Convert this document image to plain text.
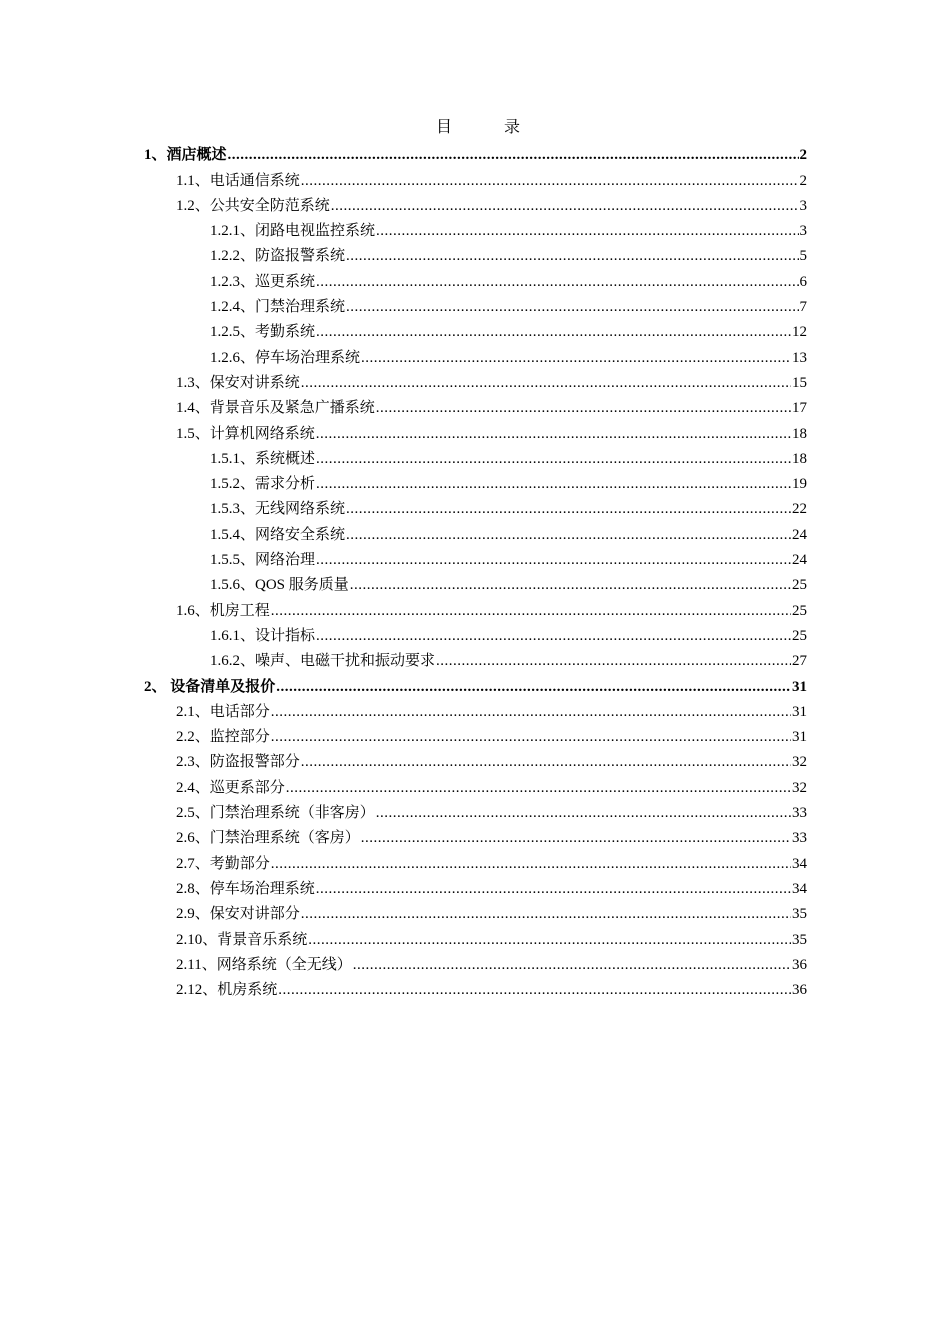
目　录
1、酒店概述 .....	2
1.1、电话通信系统 .....	2
1.2、公共安全防范系统 .....	3
1.2.1、闭路电视监控系统 .....	3
1.2.2、防盗报警系统 .....	5
1.2.3、巡更系统 .....	6
1.2.4、门禁治理系统 .....	7
1.2.5、考勤系统 .....	12
1.2.6、停车场治理系统 .....	13
1.3、保安对讲系统 .....	15
1.4、背景音乐及紧急广播系统 .....	17
1.5、计算机网络系统 .....	18
1.5.1、系统概述 .....	18
1.5.2、需求分析 .....	19
1.5.3、无线网络系统 .....	22
1.5.4、网络安全系统 .....	24
1.5.5、网络治理 .....	24
1.5.6、QOS 服务质量 .....	25
1.6、机房工程 .....	25
1.6.1、设计指标 .....	25
1.6.2、噪声、电磁干扰和振动要求 .....	27
2、 设备清单及报价 .....	31
2.1、电话部分 .....	31
2.2、监控部分 .....	31
2.3、防盗报警部分 .....	32
2.4、巡更系部分 .....	32
2.5、门禁治理系统（非客房） .....	33
2.6、门禁治理系统（客房） .....	33
2.7、考勤部分 .....	34
2.8、停车场治理系统 .....	34
2.9、保安对讲部分 .....	35
2.10、背景音乐系统 .....	35
2.11、网络系统（全无线） .....	36
2.12、机房系统 .....	36
